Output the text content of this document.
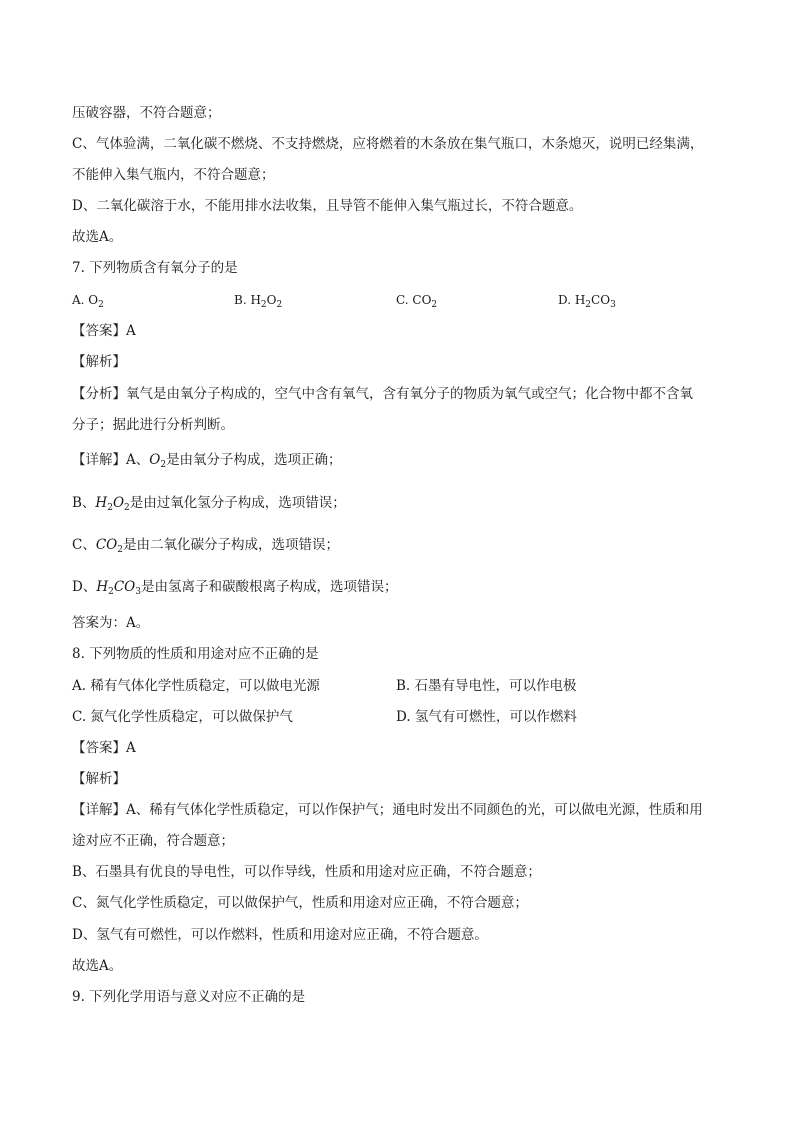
压破容器，不符合题意；
C、气体验满，二氧化碳不燃烧、不支持燃烧，应将燃着的木条放在集气瓶口，木条熄灭，说明已经集满，
不能伸入集气瓶内，不符合题意；
D、二氧化碳溶于水，不能用排水法收集，且导管不能伸入集气瓶过长，不符合题意。
故选A。
7. 下列物质含有氧分子的是
A. $O_2$	B. $H_2O_2$	C. $CO_2$	D. $H_2CO_3$
【答案】A
【解析】
【分析】氧气是由氧分子构成的，空气中含有氧气，含有氧分子的物质为氧气或空气；化合物中都不含氧
分子；据此进行分析判断。
【详解】A、$O_2$是由氧分子构成，选项正确；
B、$H_2O_2$是由过氧化氢分子构成，选项错误；
C、$CO_2$是由二氧化碳分子构成，选项错误；
D、$H_2CO_3$是由氢离子和碳酸根离子构成，选项错误；
答案为：A。
8. 下列物质的性质和用途对应不正确的是
A. 稀有气体化学性质稳定，可以做电光源	B. 石墨有导电性，可以作电极
C. 氮气化学性质稳定，可以做保护气	D. 氢气有可燃性，可以作燃料
【答案】A
【解析】
【详解】A、稀有气体化学性质稳定，可以作保护气；通电时发出不同颜色的光，可以做电光源，性质和用
途对应不正确，符合题意；
B、石墨具有优良的导电性，可以作导线，性质和用途对应正确，不符合题意；
C、氮气化学性质稳定，可以做保护气，性质和用途对应正确，不符合题意；
D、氢气有可燃性，可以作燃料，性质和用途对应正确，不符合题意。
故选A。
9. 下列化学用语与意义对应不正确的是
